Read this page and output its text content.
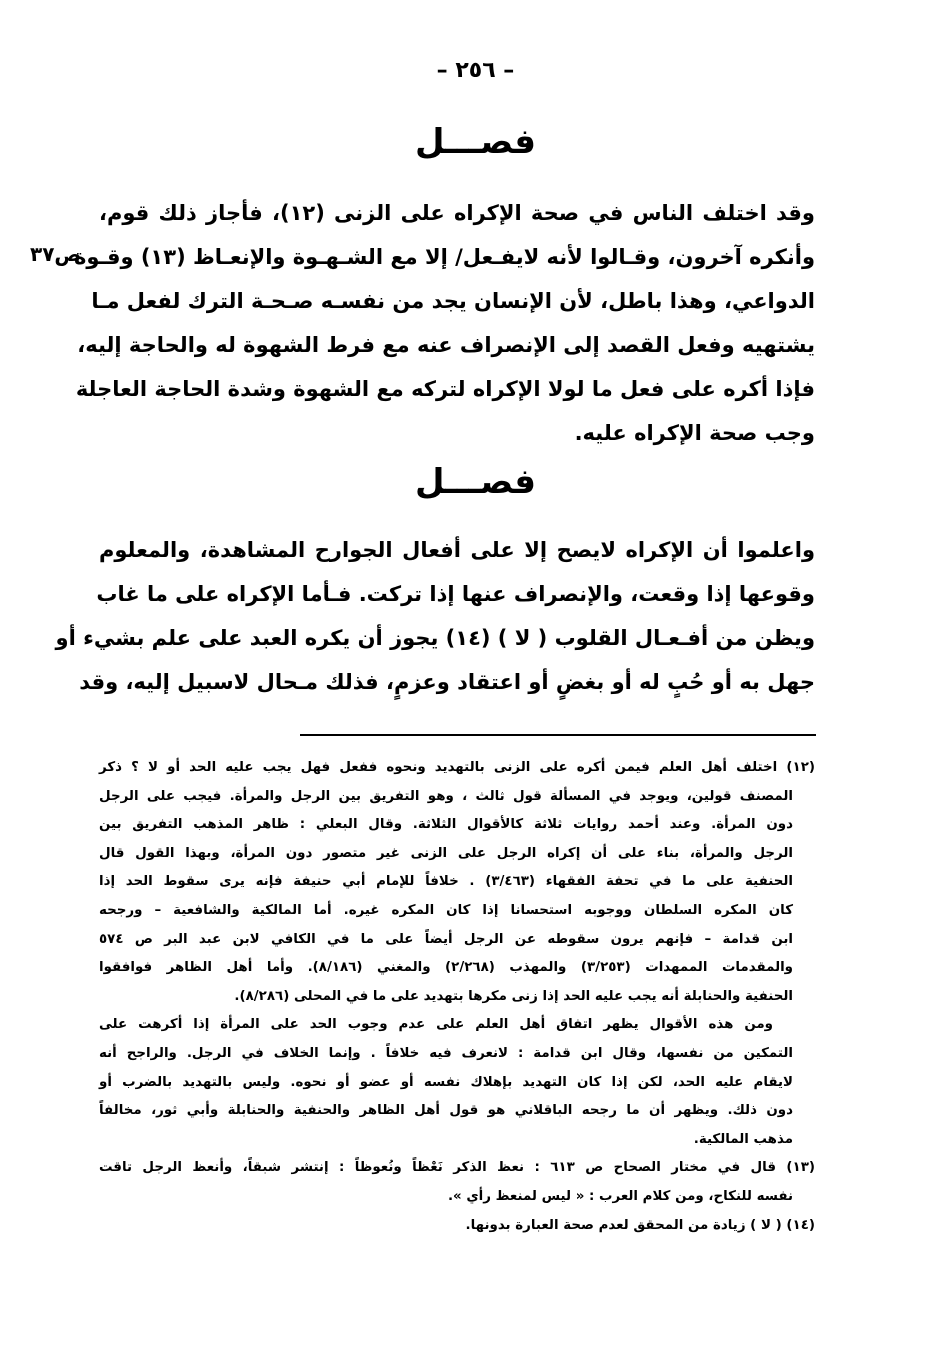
– ٢٥٦ –
فصـــل
وقد اختلف الناس في صحة الإكراه على الزنى (١٢)، فأجاز ذلك قوم،
وأنكره آخرون، وقـالوا لأنه لايفـعل/ إلا مع الشـهـوة والإنعـاظ (١٣) وقـوة
الدواعي، وهذا باطل، لأن الإنسان يجد من نفسـه صـحـة الترك لفعل مـا
يشتهيه وفعل القصد إلى الإنصراف عنه مع فرط الشهوة له والحاجة إليه،
فإذا أكره على فعل ما لولا الإكراه لتركه مع الشهوة وشدة الحاجة العاجلة
وجب صحة الإكراه عليه.
ص٣٧
فصـــل
واعلموا أن الإكراه لايصح إلا على أفعال الجوارح المشاهدة، والمعلوم
وقوعها إذا وقعت، والإنصراف عنها إذا تركت. فـأما الإكراه على ما غاب
ويظن من أفـعـال القلوب ( لا ) (١٤) يجوز أن يكره العبد على علم بشيء أو
جهل به أو حُبٍ له أو بغضٍ أو اعتقاد وعزمٍ، فذلك مـحال لاسبيل إليه، وقد
(١٢) اختلف أهل العلم فيمن أكره على الزنى بالتهديد ونحوه ففعل فهل يجب عليه الحد أو لا ؟ ذكر
المصنف قولين، ويوجد في المسألة قول ثالث ، وهو التفريق بين الرجل والمرأة. فيجب على الرجل
دون المرأة. وعند أحمد روايات ثلاثة كالأقوال الثلاثة. وقال البعلي : ظاهر المذهب التفريق بين
الرجل والمرأة، بناء على أن إكراه الرجل على الزنى غير متصور دون المرأة، وبهذا القول قال
الحنفية على ما في تحفة الفقهاء (٣/٤٦٣) . خلافاً للإمام أبي حنيفة فإنه يرى سقوط الحد إذا
كان المكره السلطان ووجوبه استحسانا إذا كان المكره غيره. أما المالكية والشافعية – ورجحه
ابن قدامة – فإنهم يرون سقوطه عن الرجل أيضاً على ما في الكافي لابن عبد البر ص ٥٧٤
والمقدمات الممهدات (٣/٢٥٣) والمهذب (٢/٢٦٨) والمغني (٨/١٨٦). وأما أهل الظاهر فوافقوا
الحنفية والحنابلة أنه يجب عليه الحد إذا زنى مكرها بتهديد على ما في المحلى (٨/٢٨٦).
ومن هذه الأقوال يظهر اتفاق أهل العلم على عدم وجوب الحد على المرأة إذا أكرهت على
التمكين من نفسها، وقال ابن قدامة : لانعرف فيه خلافاً . وإنما الخلاف في الرجل. والراجح أنه
لايقام عليه الحد، لكن إذا كان التهديد بإهلاك نفسه أو عضو أو نحوه. وليس بالتهديد بالضرب أو
دون ذلك. ويظهر أن ما رجحه الباقلاني هو قول أهل الظاهر والحنفية والحنابلة وأبي ثور، مخالفاً
مذهب المالكية.
(١٣) قال في مختار الصحاح ص ٦١٣ : نعظ الذكر نَعْظاً ونُعوظاً : إنتشر شبقاً، وأنعظ الرجل تاقت
نفسه للنكاح، ومن كلام العرب : « ليس لمنعظ رأي ».
(١٤) ( لا ) زيادة من المحقق لعدم صحة العبارة بدونها.
